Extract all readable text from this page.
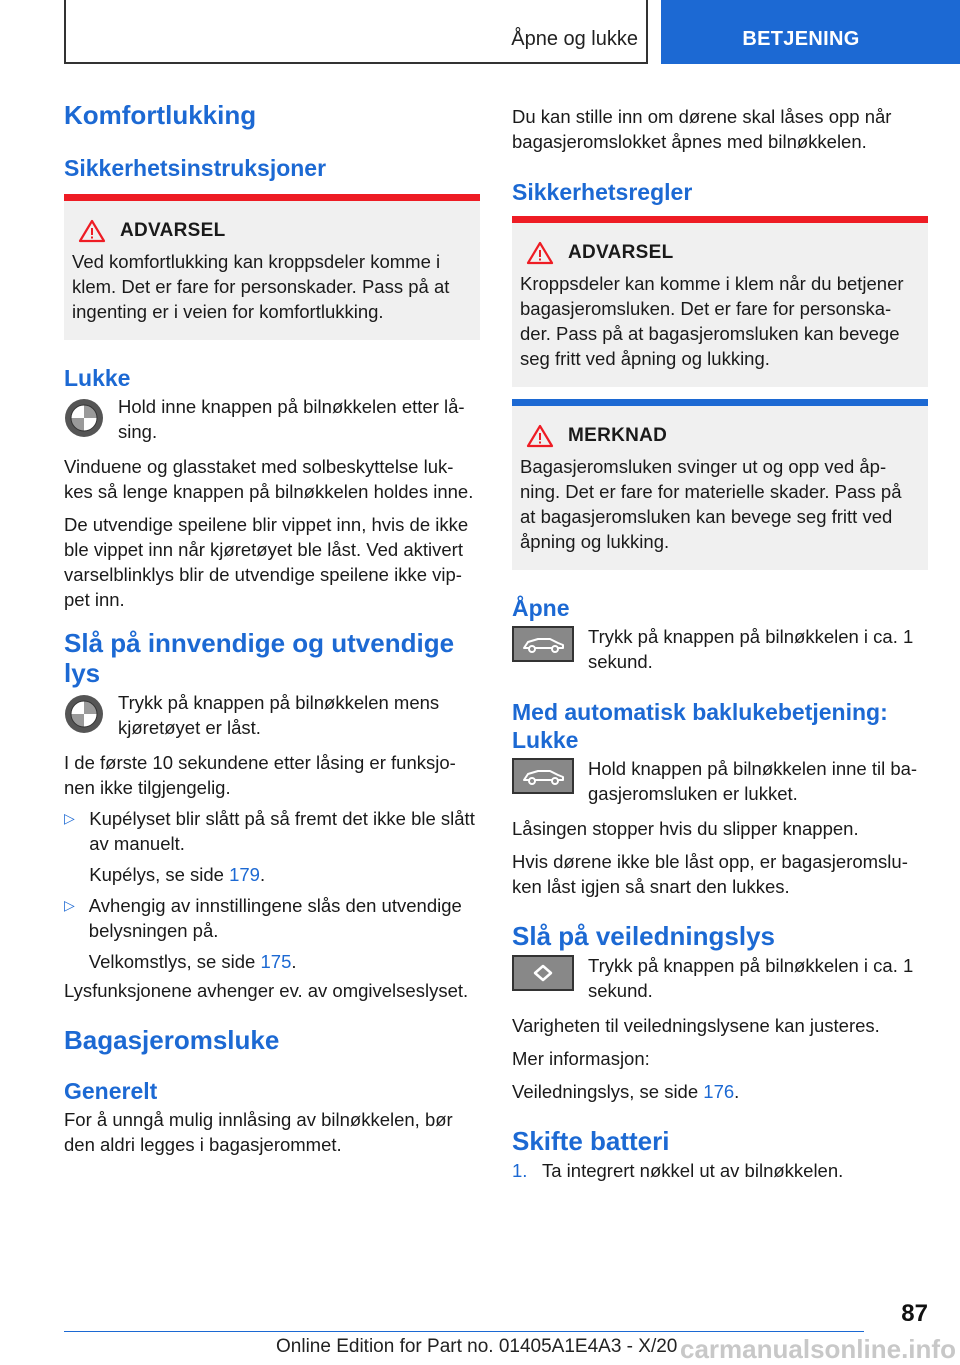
Åpne og lukke	BETJENING
Komfortlukking
Sikkerhetsinstruksjoner
ADVARSEL

Ved komfortlukking kan kroppsdeler komme i klem. Det er fare for personskader. Pass på at ingenting er i veien for komfortlukking.

Lukke

Hold inne knappen på bilnøkkelen etter lå-sing.

Vinduene og glasstaket med solbeskyttelse luk-kes så lenge knappen på bilnøkkelen holdes inne.

De utvendige speilene blir vippet inn, hvis de ikke ble vippet inn når kjøretøyet ble låst. Ved aktivert varselblinklys blir de utvendige speilene ikke vip-pet inn.

Slå på innvendige og utvendige lys

Trykk på knappen på bilnøkkelen mens kjøretøyet er låst.

I de første 10 sekundene etter låsing er funksjo-nen ikke tilgjengelig.

▷ Kupélyset blir slått på så fremt det ikke ble slått av manuelt.

Kupélys, se side 179.

▷ Avhengig av innstillingene slås den utvendige belysningen på.

Velkomstlys, se side 175.

Lysfunksjonene avhenger ev. av omgivelseslyset.

Bagasjeromsluke
Generelt

For å unngå mulig innlåsing av bilnøkkelen, bør den aldri legges i bagasjerommet.

Du kan stille inn om dørene skal låses opp når bagasjeromslokket åpnes med bilnøkkelen.

Sikkerhetsregler
ADVARSEL

Kroppsdeler kan komme i klem når du betjener bagasjeromsluken. Det er fare for personska-der. Pass på at bagasjeromsluken kan bevege seg fritt ved åpning og lukking.

MERKNAD

Bagasjeromsluken svinger ut og opp ved åp-ning. Det er fare for materielle skader. Pass på at bagasjeromsluken kan bevege seg fritt ved åpning og lukking.

Åpne

Trykk på knappen på bilnøkkelen i ca. 1 sekund.

Med automatisk baklukebetjening: Lukke

Hold knappen på bilnøkkelen inne til ba-gasjeromsluken er lukket.

Låsingen stopper hvis du slipper knappen.

Hvis dørene ikke ble låst opp, er bagasjeromslu-ken låst igjen så snart den lukkes.

Slå på veiledningslys

Trykk på knappen på bilnøkkelen i ca. 1 sekund.

Varigheten til veiledningslysene kan justeres.

Mer informasjon:

Veiledningslys, se side 176.

Skifte batteri
1. Ta integrert nøkkel ut av bilnøkkelen.

87
Online Edition for Part no. 01405A1E4A3 - X/20 carmanualsonline.info
